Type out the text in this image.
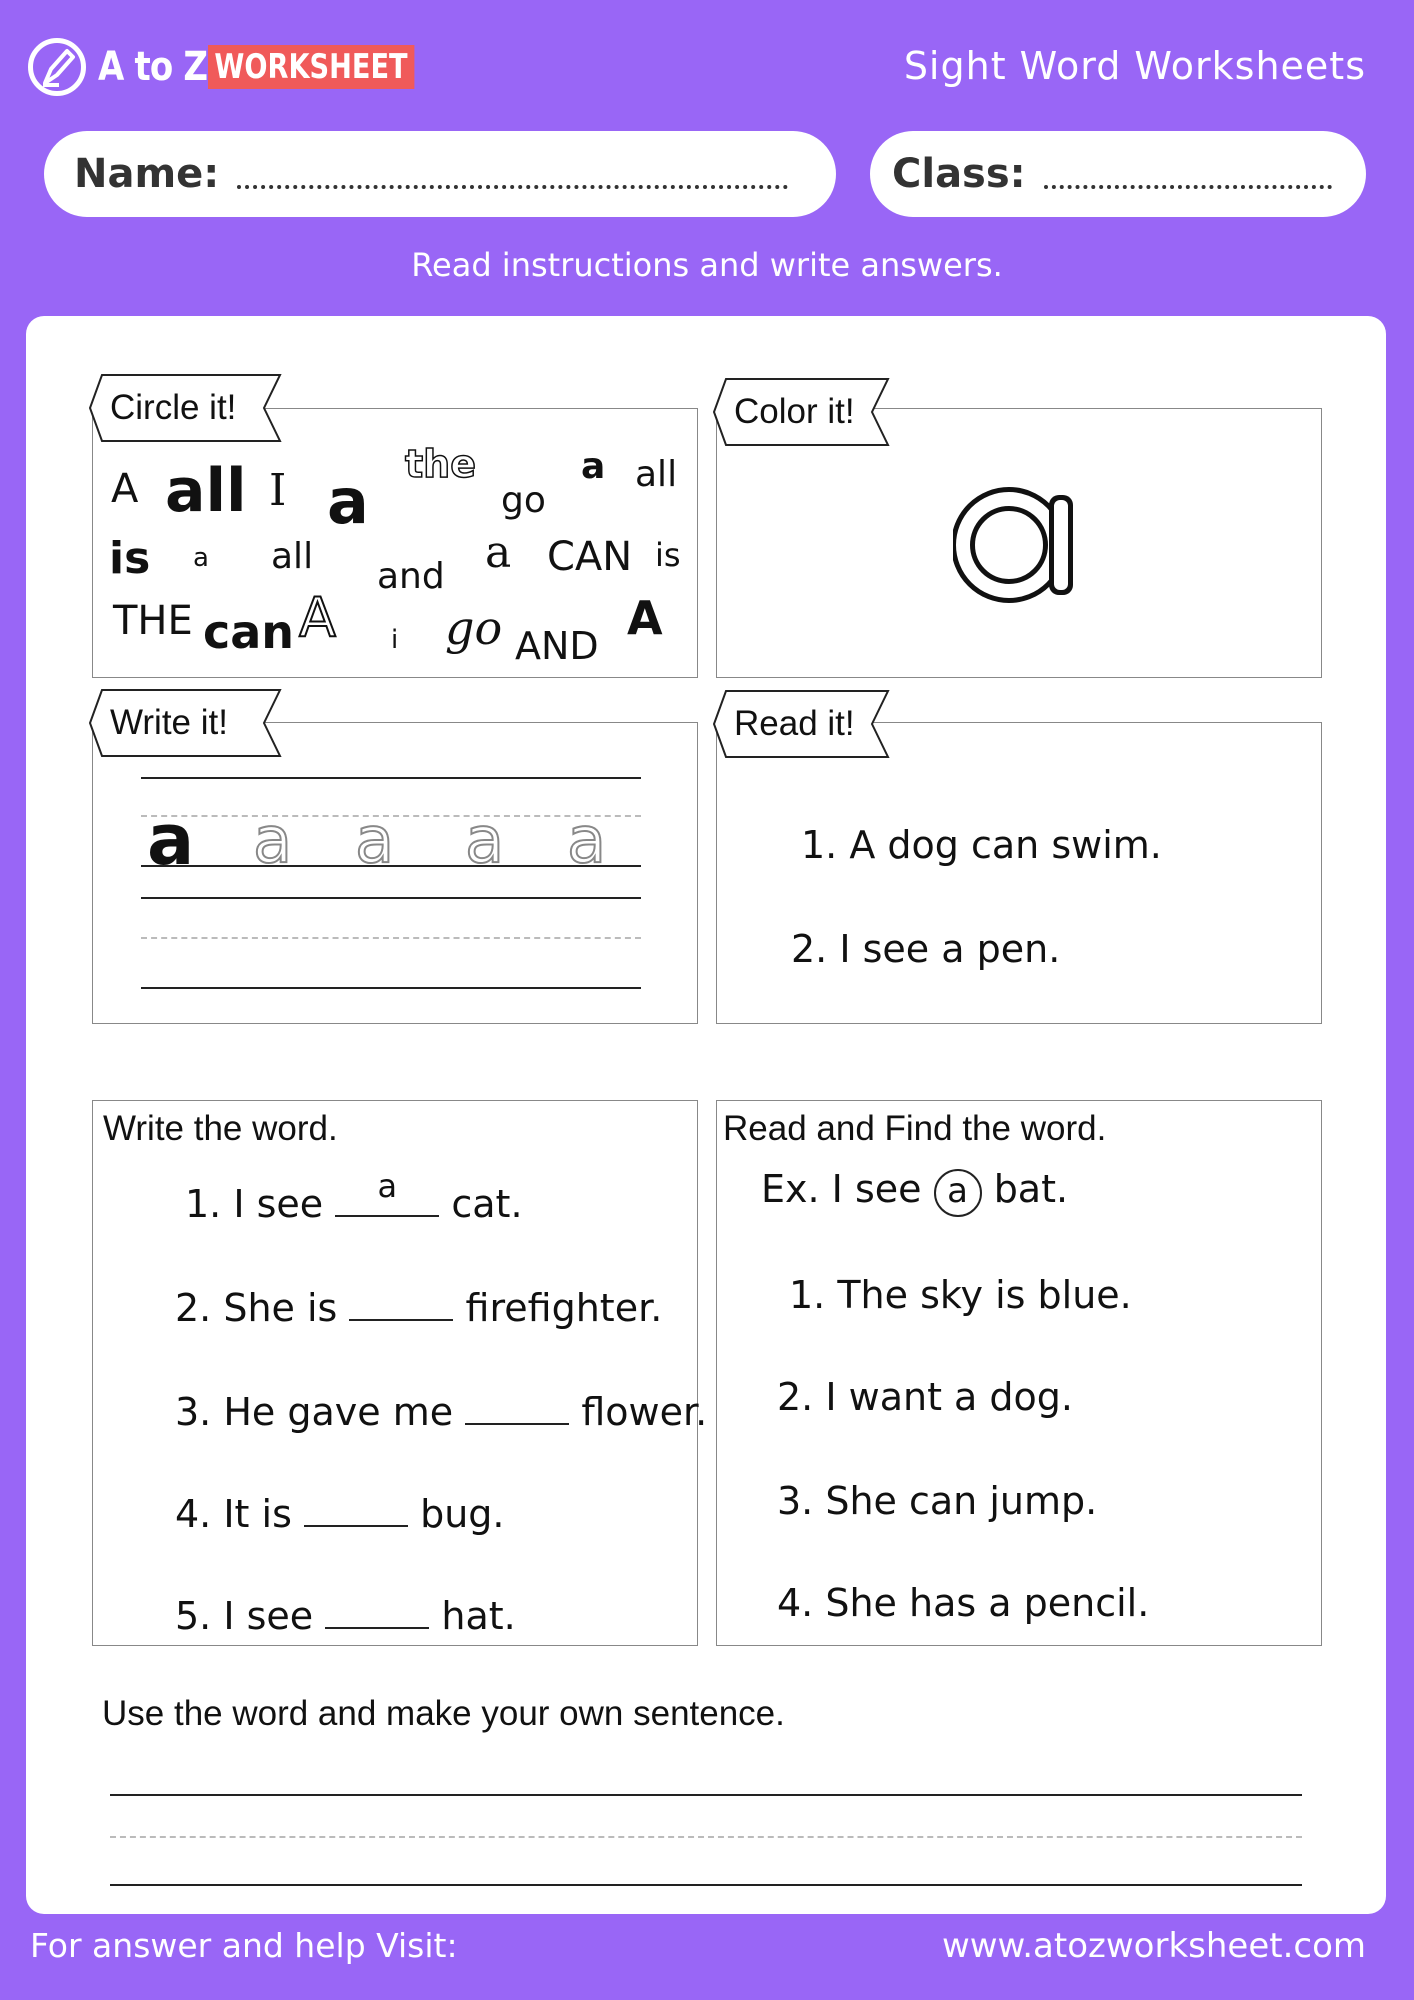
A to Z WORKSHEET	Sight Word Worksheets
Name:	Class:
Read instructions and write answers.
A all I a
the
go
a all
is a all and a CAN is
THE can A i go AND
A
Circle it!
a
Color it!
a a a a a
Write it!
1. A dog can swim.
2. I see a pen.
Read it!
Write the word.
1. I see	a	cat.
2. She is	firefighter.
3. He gave me	flower.
4. It is	bug.
5. I see	hat.
Read and Find the word.
Ex. I see a bat.
1. The sky is blue.
2. I want a dog.
3. She can jump.
4. She has a pencil.
Use the word and make your own sentence.
For answer and help Visit:	www.atozworksheet.com
